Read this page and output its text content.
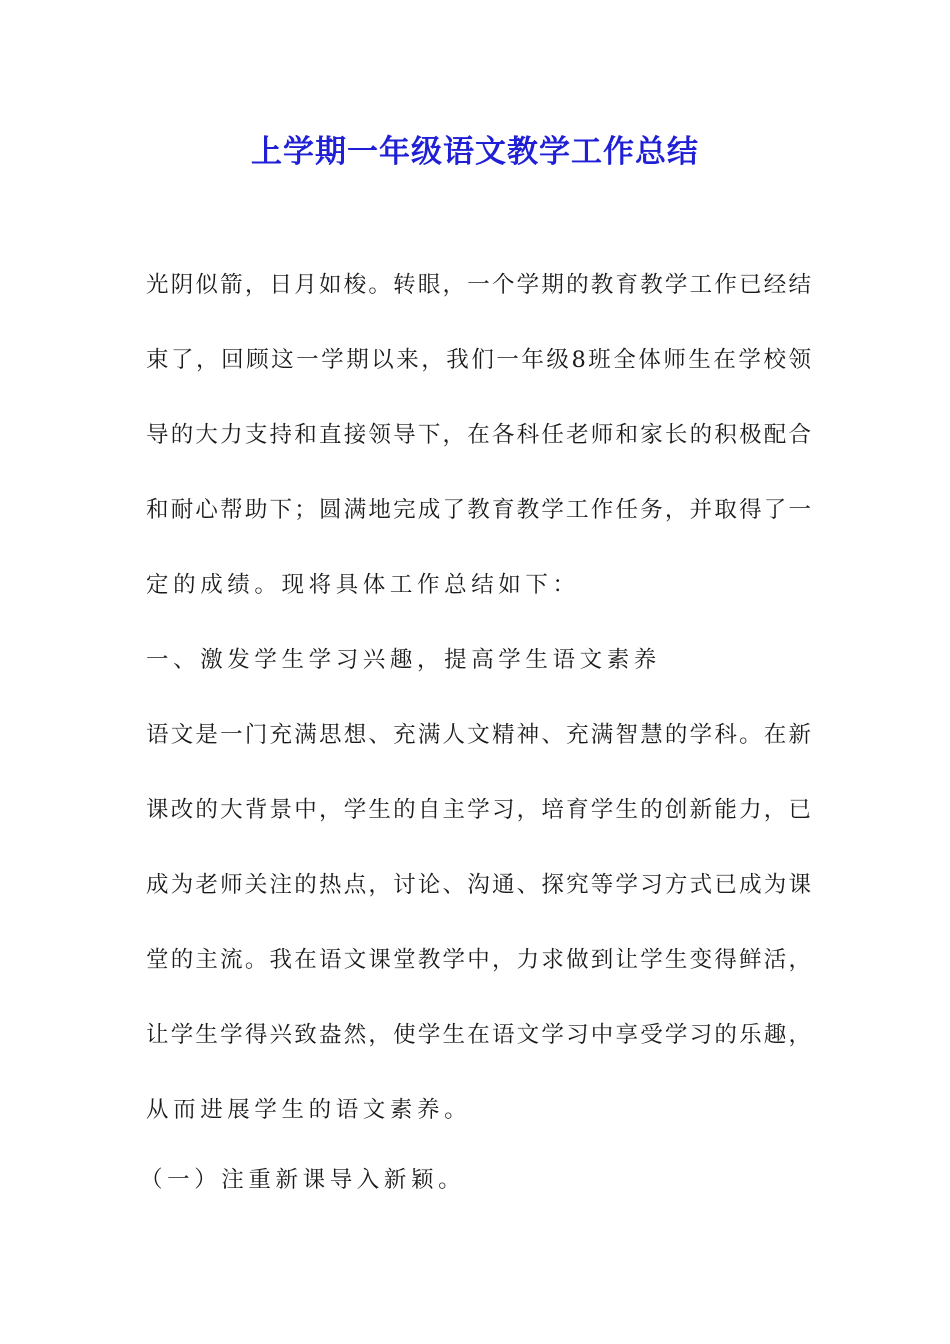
上学期一年级语文教学工作总结

光阴似箭，日月如梭。转眼，一个学期的教育教学工作已经结

束了，回顾这一学期以来，我们一年级8班全体师生在学校领

导的大力支持和直接领导下，在各科任老师和家长的积极配合

和耐心帮助下；圆满地完成了教育教学工作任务，并取得了一

定的成绩。现将具体工作总结如下：

一、激发学生学习兴趣，提高学生语文素养

语文是一门充满思想、充满人文精神、充满智慧的学科。在新

课改的大背景中，学生的自主学习，培育学生的创新能力，已

成为老师关注的热点，讨论、沟通、探究等学习方式已成为课

堂的主流。我在语文课堂教学中，力求做到让学生变得鲜活，

让学生学得兴致盎然，使学生在语文学习中享受学习的乐趣，

从而进展学生的语文素养。

（一）注重新课导入新颖。
